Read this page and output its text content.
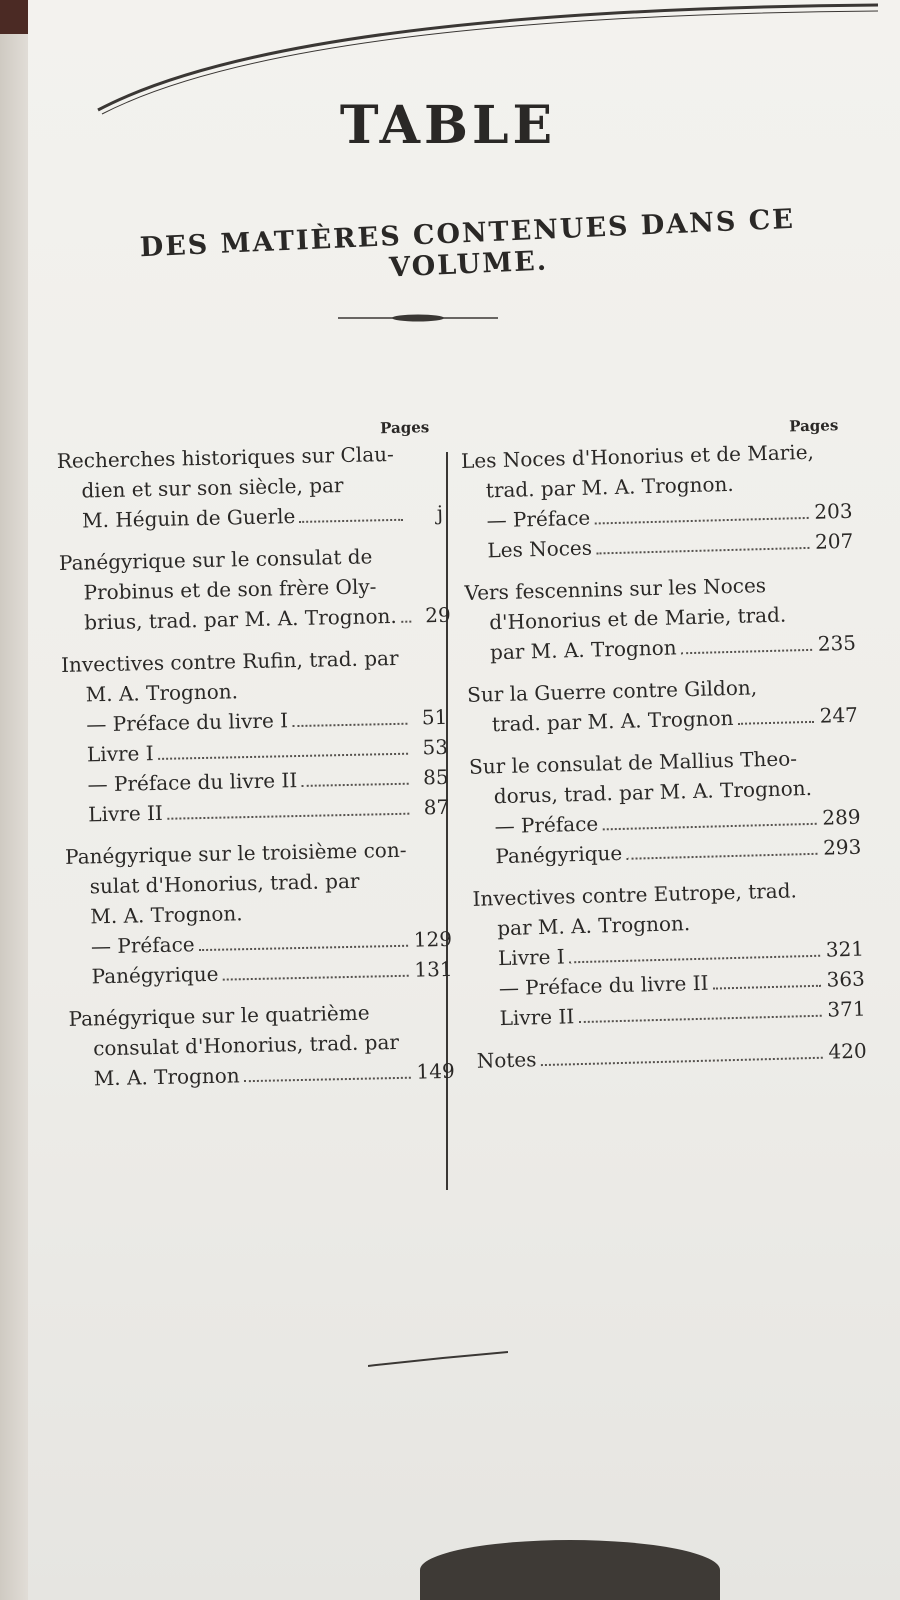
TABLE
DES MATIÈRES CONTENUES DANS CE VOLUME.
Pages
Recherches historiques sur Clau-
dien et sur son siècle, par
M. Héguin de Guerle	j
Panégyrique sur le consulat de
Probinus et de son frère Oly-
brius, trad. par M. A. Trognon.	29
Invectives contre Rufin, trad. par
M. A. Trognon.
— Préface du livre I	51
Livre I	53
— Préface du livre II	85
Livre II	87
Panégyrique sur le troisième con-
sulat d'Honorius, trad. par
M. A. Trognon.
— Préface	129
Panégyrique	131
Panégyrique sur le quatrième
consulat d'Honorius, trad. par
M. A. Trognon	149
Pages
Les Noces d'Honorius et de Marie,
trad. par M. A. Trognon.
— Préface	203
Les Noces	207
Vers fescennins sur les Noces
d'Honorius et de Marie, trad.
par M. A. Trognon	235
Sur la Guerre contre Gildon,
trad. par M. A. Trognon	247
Sur le consulat de Mallius Theo-
dorus, trad. par M. A. Trognon.
— Préface	289
Panégyrique	293
Invectives contre Eutrope, trad.
par M. A. Trognon.
Livre I	321
— Préface du livre II	363
Livre II	371
Notes	420
